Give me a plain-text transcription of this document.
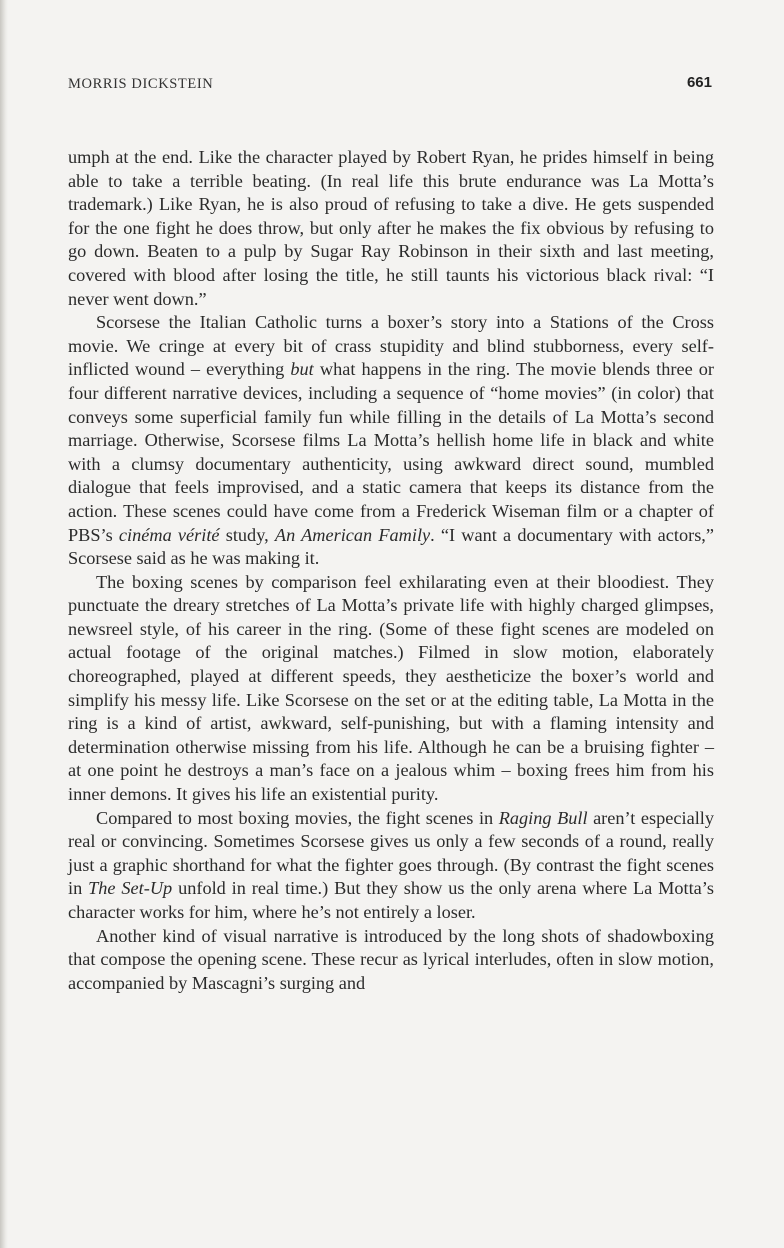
MORRIS DICKSTEIN	661

umph at the end. Like the character played by Robert Ryan, he prides himself in being able to take a terrible beating. (In real life this brute endurance was La Motta’s trademark.) Like Ryan, he is also proud of refusing to take a dive. He gets suspended for the one fight he does throw, but only after he makes the fix obvious by refusing to go down. Beaten to a pulp by Sugar Ray Robinson in their sixth and last meeting, covered with blood after losing the title, he still taunts his victorious black rival: “I never went down.”

Scorsese the Italian Catholic turns a boxer’s story into a Stations of the Cross movie. We cringe at every bit of crass stupidity and blind stubborness, every self-inflicted wound – everything but what happens in the ring. The movie blends three or four different narrative devices, including a sequence of “home movies” (in color) that conveys some superficial family fun while filling in the details of La Motta’s second marriage. Otherwise, Scorsese films La Motta’s hellish home life in black and white with a clumsy documentary authenticity, using awkward direct sound, mumbled dialogue that feels improvised, and a static camera that keeps its distance from the action. These scenes could have come from a Frederick Wiseman film or a chapter of PBS’s cinéma vérité study, An American Family. “I want a documentary with actors,” Scorsese said as he was making it.

The boxing scenes by comparison feel exhilarating even at their bloodiest. They punctuate the dreary stretches of La Motta’s private life with highly charged glimpses, newsreel style, of his career in the ring. (Some of these fight scenes are modeled on actual footage of the original matches.) Filmed in slow motion, elaborately choreographed, played at different speeds, they aestheticize the boxer’s world and simplify his messy life. Like Scorsese on the set or at the editing table, La Motta in the ring is a kind of artist, awkward, self-punishing, but with a flaming intensity and determination otherwise missing from his life. Although he can be a bruising fighter – at one point he destroys a man’s face on a jealous whim – boxing frees him from his inner demons. It gives his life an existential purity.

Compared to most boxing movies, the fight scenes in Raging Bull aren’t especially real or convincing. Sometimes Scorsese gives us only a few seconds of a round, really just a graphic shorthand for what the fighter goes through. (By contrast the fight scenes in The Set-Up unfold in real time.) But they show us the only arena where La Motta’s character works for him, where he’s not entirely a loser.

Another kind of visual narrative is introduced by the long shots of shadowboxing that compose the opening scene. These recur as lyrical interludes, often in slow motion, accompanied by Mascagni’s surging and
